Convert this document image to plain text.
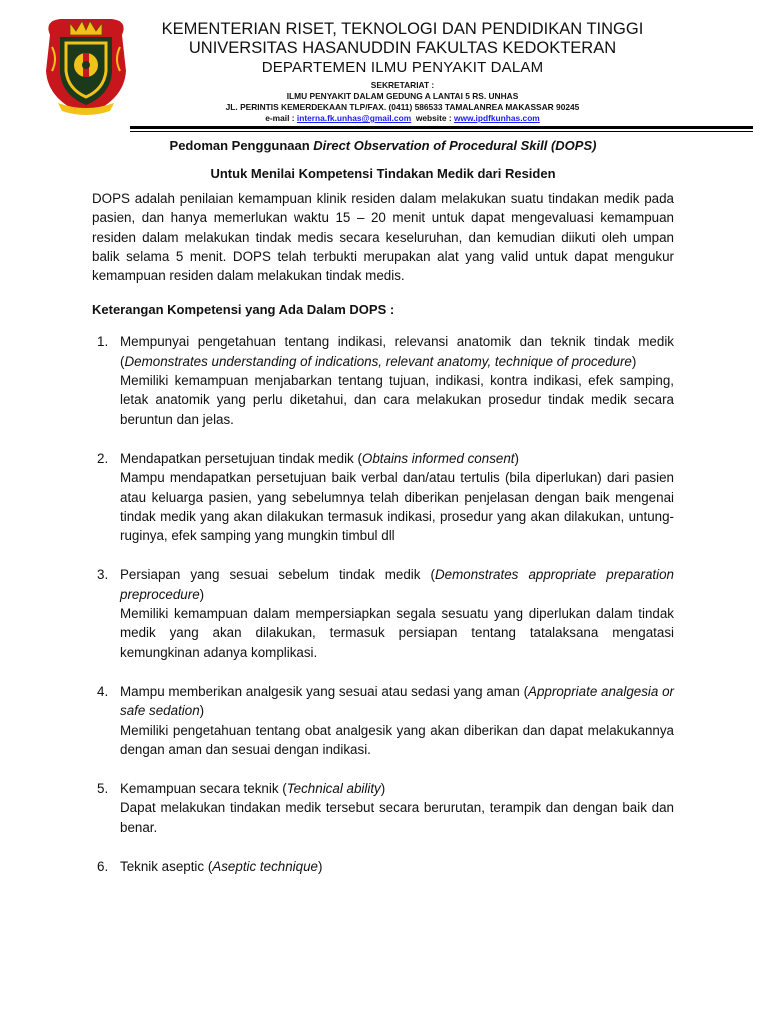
KEMENTERIAN RISET, TEKNOLOGI DAN PENDIDIKAN TINGGI
UNIVERSITAS HASANUDDIN FAKULTAS KEDOKTERAN
DEPARTEMEN ILMU PENYAKIT DALAM
SEKRETARIAT :
ILMU PENYAKIT DALAM GEDUNG A LANTAI 5 RS. UNHAS
JL. PERINTIS KEMERDEKAAN TLP/FAX. (0411) 586533 TAMALANREA MAKASSAR 90245
e-mail : interna.fk.unhas@gmail.com website : www.ipdfkunhas.com

Pedoman Penggunaan Direct Observation of Procedural Skill (DOPS)

Untuk Menilai Kompetensi Tindakan Medik dari Residen

DOPS adalah penilaian kemampuan klinik residen dalam melakukan suatu tindakan medik pada pasien, dan hanya memerlukan waktu 15 – 20 menit untuk dapat mengevaluasi kemampuan residen dalam melakukan tindak medis secara keseluruhan, dan kemudian diikuti oleh umpan balik selama 5 menit. DOPS telah terbukti merupakan alat yang valid untuk dapat mengukur kemampuan residen dalam melakukan tindak medis.

Keterangan Kompetensi yang Ada Dalam DOPS :

1. Mempunyai pengetahuan tentang indikasi, relevansi anatomik dan teknik tindak medik (Demonstrates understanding of indications, relevant anatomy, technique of procedure)
Memiliki kemampuan menjabarkan tentang tujuan, indikasi, kontra indikasi, efek samping, letak anatomik yang perlu diketahui, dan cara melakukan prosedur tindak medik secara beruntun dan jelas.
2. Mendapatkan persetujuan tindak medik (Obtains informed consent)
Mampu mendapatkan persetujuan baik verbal dan/atau tertulis (bila diperlukan) dari pasien atau keluarga pasien, yang sebelumnya telah diberikan penjelasan dengan baik mengenai tindak medik yang akan dilakukan termasuk indikasi, prosedur yang akan dilakukan, untung-ruginya, efek samping yang mungkin timbul dll
3. Persiapan yang sesuai sebelum tindak medik (Demonstrates appropriate preparation preprocedure)
Memiliki kemampuan dalam mempersiapkan segala sesuatu yang diperlukan dalam tindak medik yang akan dilakukan, termasuk persiapan tentang tatalaksana mengatasi kemungkinan adanya komplikasi.
4. Mampu memberikan analgesik yang sesuai atau sedasi yang aman (Appropriate analgesia or safe sedation)
Memiliki pengetahuan tentang obat analgesik yang akan diberikan dan dapat melakukannya dengan aman dan sesuai dengan indikasi.
5. Kemampuan secara teknik (Technical ability)
Dapat melakukan tindakan medik tersebut secara berurutan, terampik dan dengan baik dan benar.
6. Teknik aseptic (Aseptic technique)
